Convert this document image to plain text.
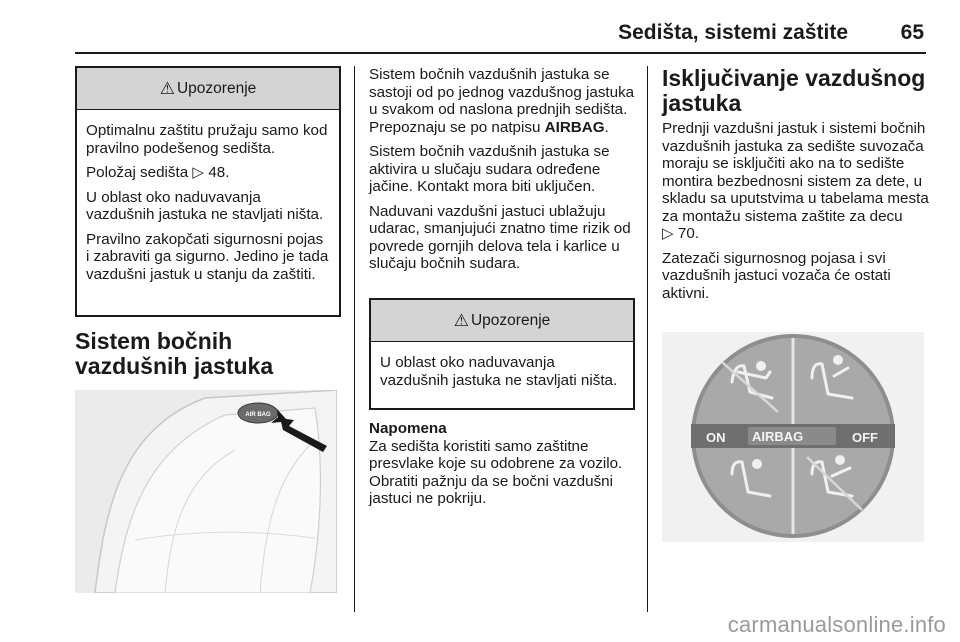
Sedišta, sistemi zaštite	65
⚠ Upozorenje

Optimalnu zaštitu pružaju samo kod pravilno podešenog sedišta.

Položaj sedišta ▷ 48.

U oblast oko naduvavanja vazdušnih jastuka ne stavljati ništa.

Pravilno zakopčati sigurnosni pojas i zabraviti ga sigurno. Jedino je tada vazdušni jastuk u stanju da zaštiti.

Sistem bočnih vazdušnih jastuka
AIR BAG

Sistem bočnih vazdušnih jastuka se sastoji od po jednog vazdušnog jastuka u svakom od naslona prednjih sedišta. Prepoznaju se po natpisu AIRBAG.

Sistem bočnih vazdušnih jastuka se aktivira u slučaju sudara određene jačine. Kontakt mora biti uključen.

Naduvani vazdušni jastuci ublažuju udarac, smanjujući znatno time rizik od povrede gornjih delova tela i karlice u slučaju bočnih sudara.

⚠ Upozorenje

U oblast oko naduvavanja vazdušnih jastuka ne stavljati ništa.

Napomena

Za sedišta koristiti samo zaštitne presvlake koje su odobrene za vozilo. Obratiti pažnju da se bočni vazdušni jastuci ne pokriju.

Isključivanje vazdušnog jastuka

Prednji vazdušni jastuk i sistemi bočnih vazdušnih jastuka za sedište suvozača moraju se isključiti ako na to sedište montira bezbednosni sistem za dete, u skladu sa uputstvima u tabelama mesta za montažu sistema zaštite za decu
▷ 70.

Zatezači sigurnosnog pojasa i svi vazdušnih jastuci vozača će ostati aktivni.

ON AIRBAG	OFF
carmanualsonline.info
